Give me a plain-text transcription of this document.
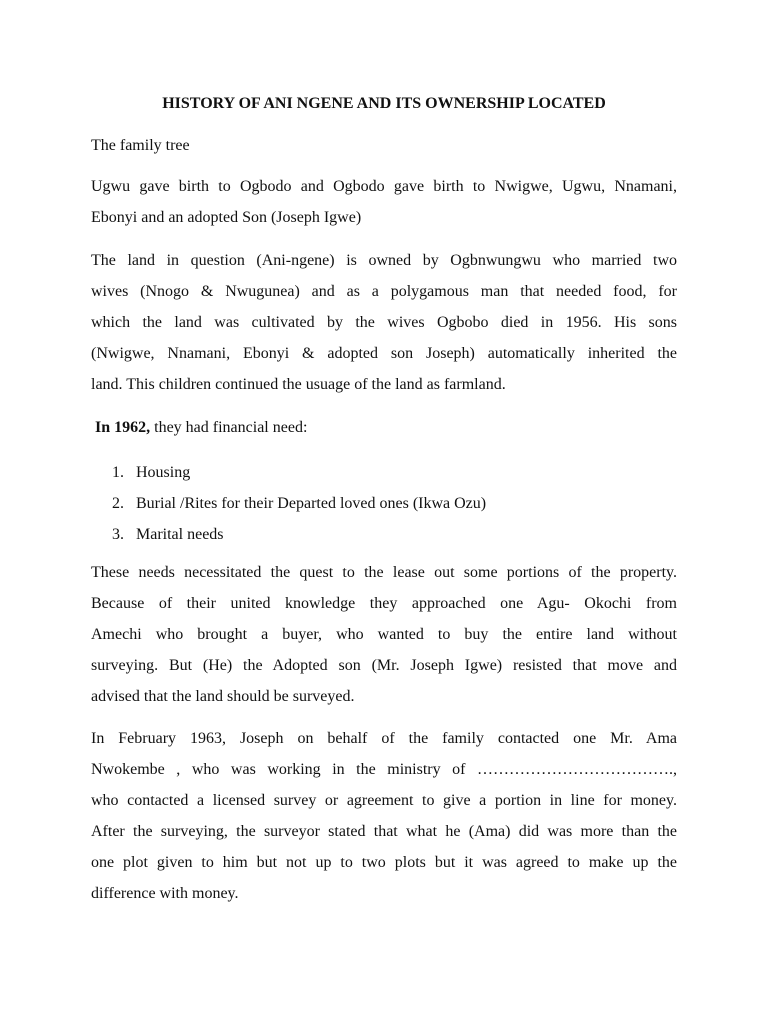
HISTORY OF ANI NGENE AND ITS OWNERSHIP LOCATED

The family tree

Ugwu gave birth to Ogbodo and Ogbodo gave birth to Nwigwe, Ugwu, Nnamani,
Ebonyi and an adopted Son (Joseph Igwe)

The land in question (Ani-ngene) is owned by Ogbnwungwu who married two
wives (Nnogo & Nwugunea) and as a polygamous man that needed food, for
which the land was cultivated by the wives Ogbobo died in 1956. His sons
(Nwigwe, Nnamani, Ebonyi & adopted son Joseph) automatically inherited the
land. This children continued the usuage of the land as farmland.

In 1962, they had financial need:

1. Housing
2. Burial /Rites for their Departed loved ones (Ikwa Ozu)
3. Marital needs

These needs necessitated the quest to the lease out some portions of the property.
Because of their united knowledge they approached one Agu- Okochi from
Amechi who brought a buyer, who wanted to buy the entire land without
surveying. But (He) the Adopted son (Mr. Joseph Igwe) resisted that move and
advised that the land should be surveyed.

In February 1963, Joseph on behalf of the family contacted one Mr. Ama
Nwokembe , who was working in the ministry of ……………………………….,
who contacted a licensed survey or agreement to give a portion in line for money.
After the surveying, the surveyor stated that what he (Ama) did was more than the
one plot given to him but not up to two plots but it was agreed to make up the
difference with money.
